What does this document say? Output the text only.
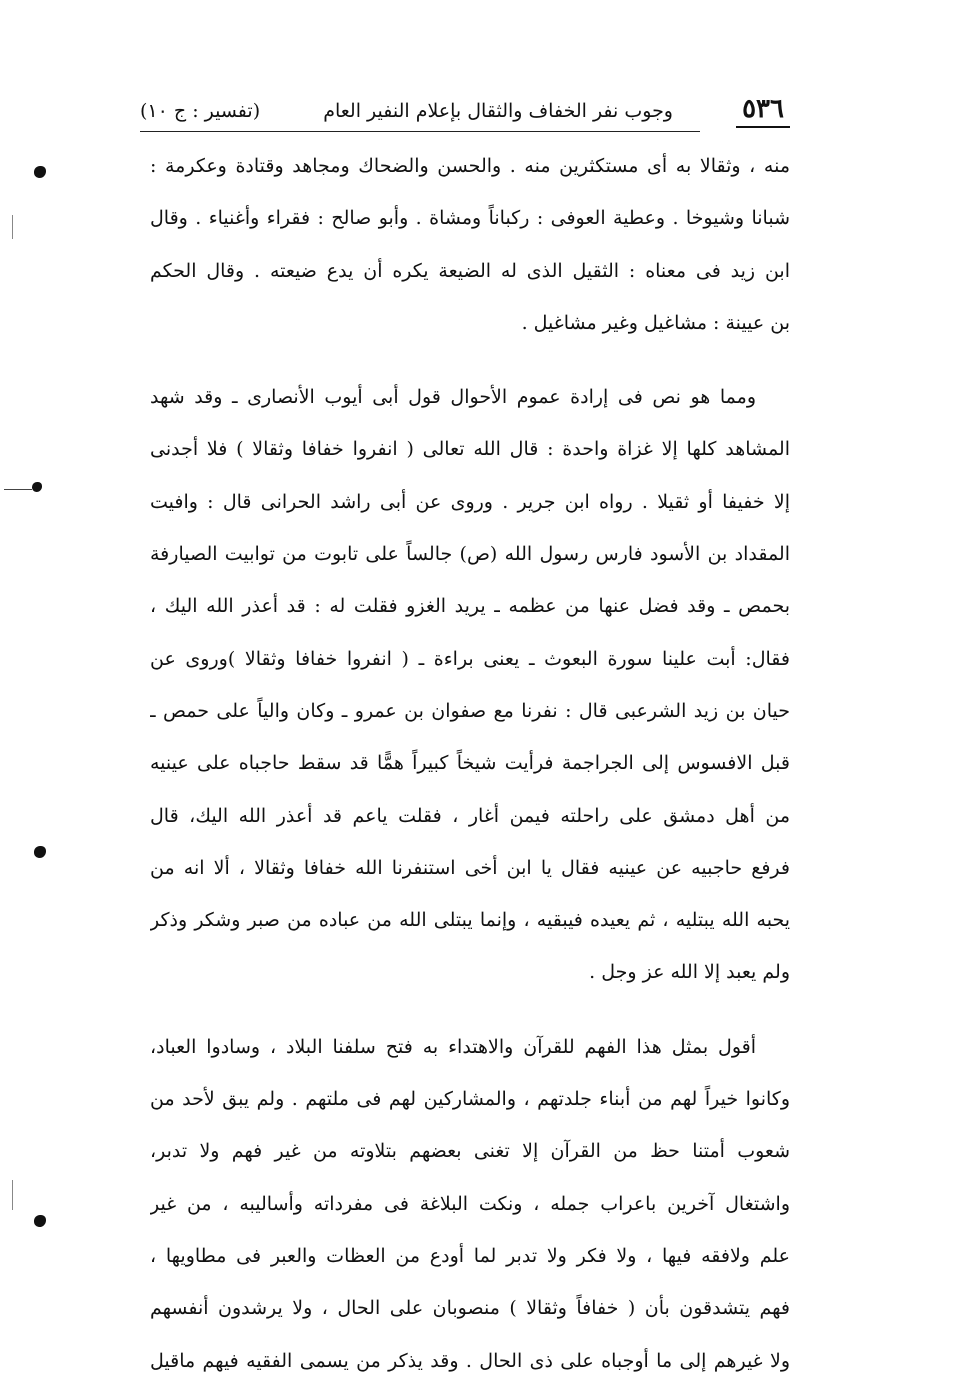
٥٣٦
وجوب نفر الخفاف والثقال بإعلام النفير العام
(تفسير : ج ١٠)

منه ، وثقالا به أى مستكثرين منه . والحسن والضحاك ومجاهد وقتادة وعكرمة :
شبانا وشيوخا . وعطية العوفى : ركباناً ومشاة . وأبو صالح : فقراء وأغنياء . وقال
ابن زيد فى معناه : الثقيل الذى له الضيعة يكره أن يدع ضيعته . وقال الحكم
بن عيينة : مشاغيل وغير مشاغيل .

ومما هو نص فى إرادة عموم الأحوال قول أبى أيوب الأنصارى ـ وقد شهد
المشاهد كلها إلا غزاة واحدة : قال الله تعالى ( انفروا خفافا وثقالا ) فلا أجدنى
إلا خفيفا أو ثقيلا . رواه ابن جرير . وروى عن أبى راشد الحرانى قال : وافيت
المقداد بن الأسود فارس رسول الله (ص) جالساً على تابوت من توابيت الصيارفة
بحمص ـ وقد فضل عنها من عظمه ـ يريد الغزو فقلت له : قد أعذر الله اليك ،
فقال: أبت علينا سورة البعوث ـ يعنى براءة ـ ( انفروا خفافا وثقالا )وروى عن
حيان بن زيد الشرعبى قال : نفرنا مع صفوان بن عمرو ـ وكان والياً على حمص ـ
قبل الافسوس إلى الجراجمة فرأيت شيخاً كبيراً همًّا قد سقط حاجباه على عينيه
من أهل دمشق على راحلته فيمن أغار ، فقلت ياعم قد أعذر الله اليك، قال
فرفع حاجبيه عن عينيه فقال يا ابن أخى استنفرنا الله خفافا وثقالا ، ألا انه من
يحبه الله يبتليه ، ثم يعيده فيبقيه ، وإنما يبتلى الله من عباده من صبر وشكر وذكر
ولم يعبد إلا الله عز وجل .

أقول بمثل هذا الفهم للقرآن والاهتداء به فتح سلفنا البلاد ، وسادوا العباد،
وكانوا خيراً لهم من أبناء جلدتهم ، والمشاركين لهم فى ملتهم . ولم يبق لأحد من
شعوب أمتنا حظ من القرآن إلا تغنى بعضهم بتلاوته من غير فهم ولا تدبر،
واشتغال آخرين باعراب جمله ، ونكت البلاغة فى مفرداته وأساليبه ، من غير
علم ولافقه فيها ، ولا فكر ولا تدبر لما أودع من العظات والعبر فى مطاويها ،
فهم يتشدقون بأن ( خفافاً وثقالا ) منصوبان على الحال ، ولا يرشدون أنفسهم
ولا غيرهم إلى ما أوجباه على ذى الحال . وقد يذكر من يسمى الفقيه فيهم ماقيل
